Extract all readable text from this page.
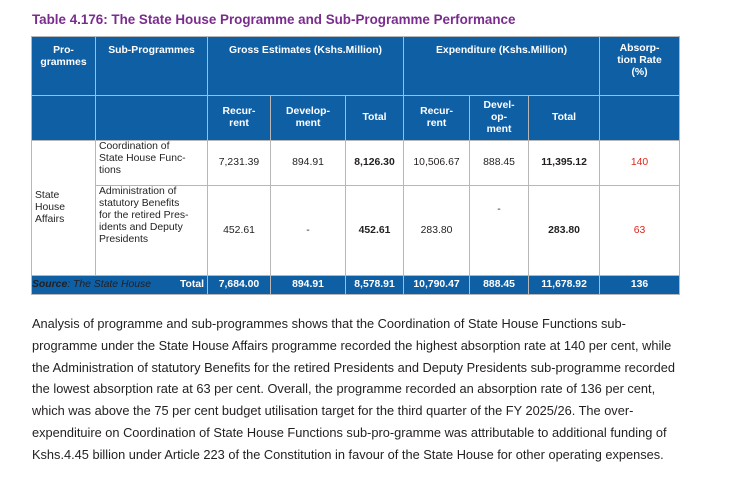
Table 4.176: The State House Programme and Sub-Programme Performance
Pro-
grammes	Sub-Programmes	Gross Estimates (Kshs.Million)			Expenditure (Kshs.Million)			Absorp-
tion Rate
(%)
		Recur-
rent	Develop-
ment	Total	Recur-
rent	Devel-
op-
ment	Total	
State
House
Affairs	Coordination of
State House Func-
tions	7,231.39	894.91	8,126.30	10,506.67	888.45	11,395.12	140
	Administration of
statutory Benefits
for the retired Pres-
idents and Deputy
Presidents	452.61	-	452.61	283.80	-	283.80	63
Total		7,684.00	894.91	8,578.91	10,790.47	888.45	11,678.92	136
Source: The State House

Analysis of programme and sub-programmes shows that the Coordination of State House Functions sub-programme under the State House Affairs programme recorded the highest absorption rate at 140 per cent, while the Administration of statutory Benefits for the retired Presidents and Deputy Presidents sub-programme recorded the lowest absorption rate at 63 per cent. Overall, the programme recorded an absorption rate of 136 per cent, which was above the 75 per cent budget utilisation target for the third quarter of the FY 2025/26. The over-expendituire on Coordination of State House Functions sub-pro-gramme was attributable to additional funding of Kshs.4.45 billion under Article 223 of the Constitution in favour of the State House for other operating expenses.
